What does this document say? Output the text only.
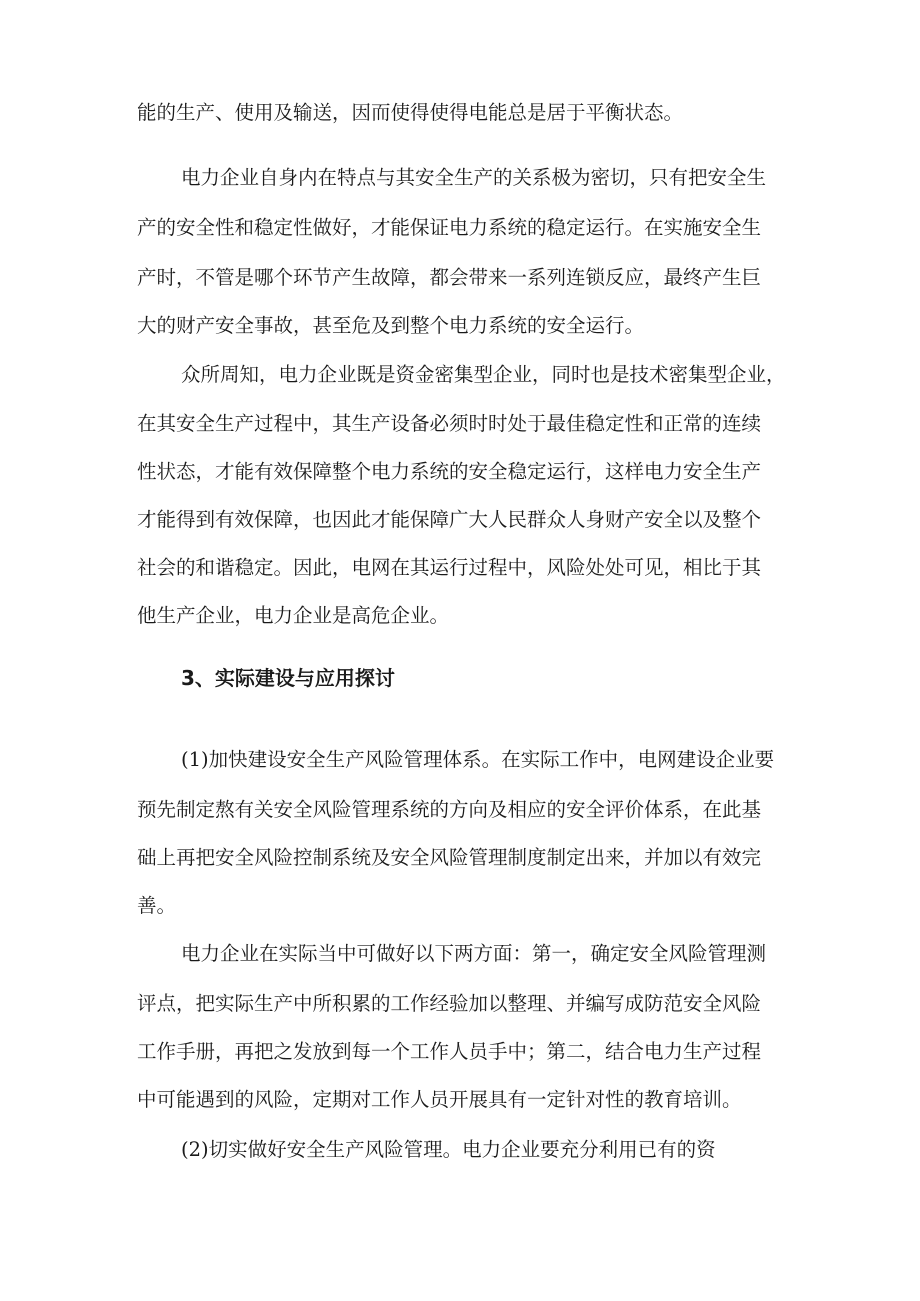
能的生产、使用及输送，因而使得使得电能总是居于平衡状态。
电力企业自身内在特点与其安全生产的关系极为密切，只有把安全生
产的安全性和稳定性做好，才能保证电力系统的稳定运行。在实施安全生
产时，不管是哪个环节产生故障，都会带来一系列连锁反应，最终产生巨
大的财产安全事故，甚至危及到整个电力系统的安全运行。
众所周知，电力企业既是资金密集型企业，同时也是技术密集型企业，
在其安全生产过程中，其生产设备必须时时处于最佳稳定性和正常的连续
性状态，才能有效保障整个电力系统的安全稳定运行，这样电力安全生产
才能得到有效保障，也因此才能保障广大人民群众人身财产安全以及整个
社会的和谐稳定。因此，电网在其运行过程中，风险处处可见，相比于其
他生产企业，电力企业是高危企业。
3、实际建设与应用探讨
(1)加快建设安全生产风险管理体系。在实际工作中，电网建设企业要
预先制定熬有关安全风险管理系统的方向及相应的安全评价体系，在此基
础上再把安全风险控制系统及安全风险管理制度制定出来，并加以有效完
善。
电力企业在实际当中可做好以下两方面：第一，确定安全风险管理测
评点，把实际生产中所积累的工作经验加以整理、并编写成防范安全风险
工作手册，再把之发放到每一个工作人员手中；第二，结合电力生产过程
中可能遇到的风险，定期对工作人员开展具有一定针对性的教育培训。
(2)切实做好安全生产风险管理。电力企业要充分利用已有的资
